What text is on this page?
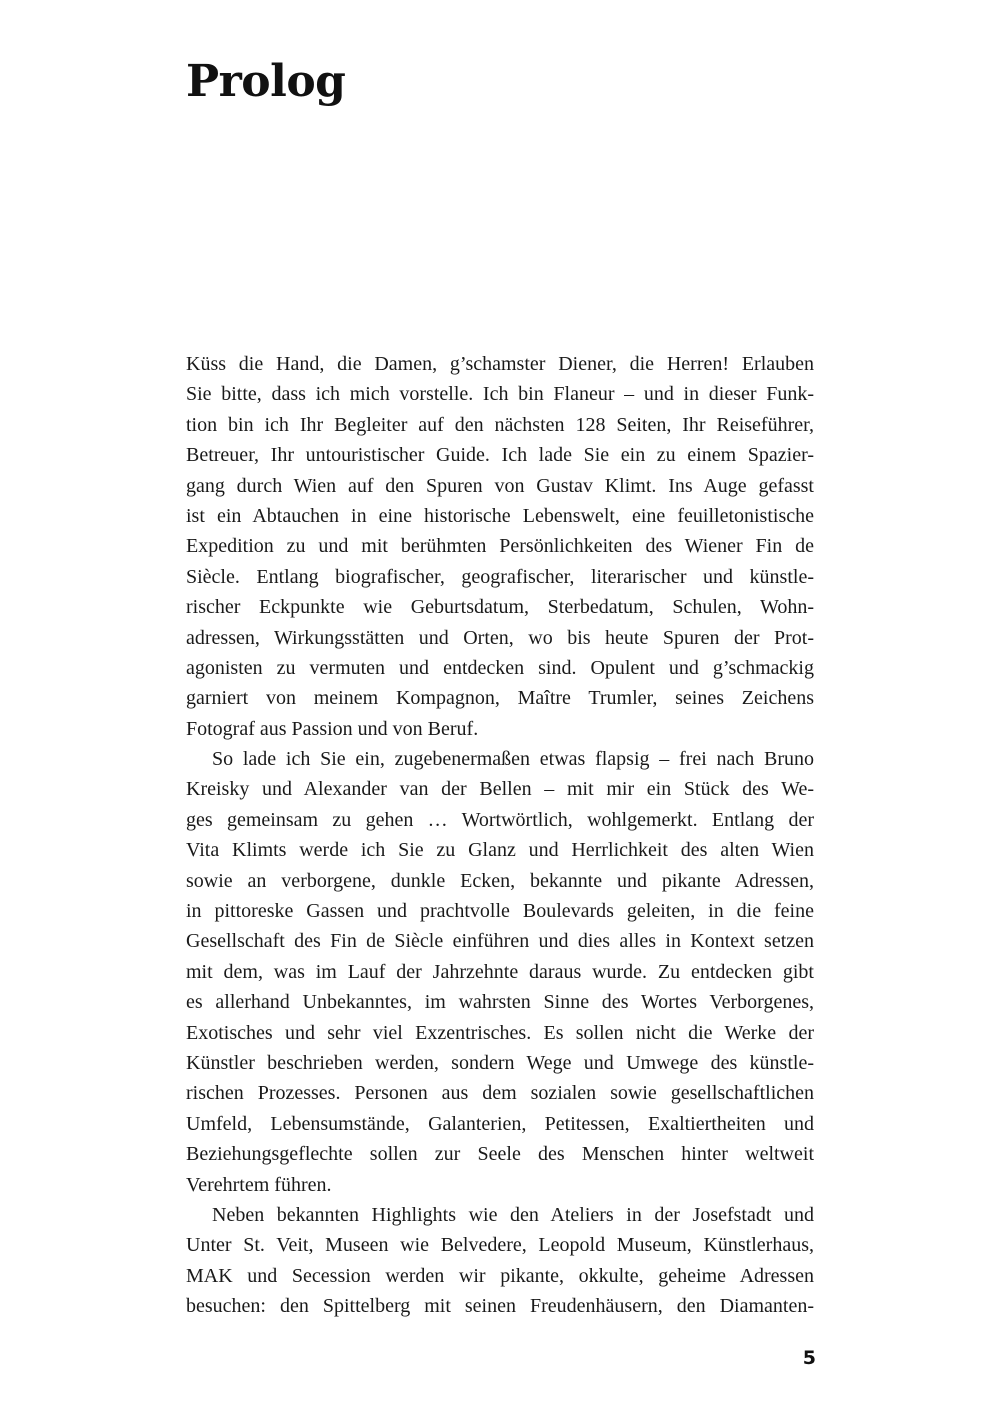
Prolog
Küss die Hand, die Damen, g’schamster Diener, die Herren! Erlauben
Sie bitte, dass ich mich vorstelle. Ich bin Flaneur – und in dieser Funk-
tion bin ich Ihr Begleiter auf den nächsten 128 Seiten, Ihr Reiseführer,
Betreuer, Ihr untouristischer Guide. Ich lade Sie ein zu einem Spazier-
gang durch Wien auf den Spuren von Gustav Klimt. Ins Auge gefasst
ist ein Abtauchen in eine historische Lebenswelt, eine feuilletonistische
Expedition zu und mit berühmten Persönlichkeiten des Wiener Fin de
Siècle. Entlang biografischer, geografischer, literarischer und künstle-
rischer Eckpunkte wie Geburtsdatum, Sterbedatum, Schulen, Wohn-
adressen, Wirkungsstätten und Orten, wo bis heute Spuren der Prot-
agonisten zu vermuten und entdecken sind. Opulent und g’schmackig
garniert von meinem Kompagnon, Maître Trumler, seines Zeichens
Fotograf aus Passion und von Beruf.
So lade ich Sie ein, zugebenermaßen etwas flapsig – frei nach Bruno
Kreisky und Alexander van der Bellen – mit mir ein Stück des We-
ges gemeinsam zu gehen … Wortwörtlich, wohlgemerkt. Entlang der
Vita Klimts werde ich Sie zu Glanz und Herrlichkeit des alten Wien
sowie an verborgene, dunkle Ecken, bekannte und pikante Adressen,
in pittoreske Gassen und prachtvolle Boulevards geleiten, in die feine
Gesellschaft des Fin de Siècle einführen und dies alles in Kontext setzen
mit dem, was im Lauf der Jahrzehnte daraus wurde. Zu entdecken gibt
es allerhand Unbekanntes, im wahrsten Sinne des Wortes Verborgenes,
Exotisches und sehr viel Exzentrisches. Es sollen nicht die Werke der
Künstler beschrieben werden, sondern Wege und Umwege des künstle-
rischen Prozesses. Personen aus dem sozialen sowie gesellschaftlichen
Umfeld, Lebensumstände, Galanterien, Petitessen, Exaltiertheiten und
Beziehungsgeflechte sollen zur Seele des Menschen hinter weltweit
Verehrtem führen.
Neben bekannten Highlights wie den Ateliers in der Josefstadt und
Unter St. Veit, Museen wie Belvedere, Leopold Museum, Künstlerhaus,
MAK und Secession werden wir pikante, okkulte, geheime Adressen
besuchen: den Spittelberg mit seinen Freudenhäusern, den Diamanten-
5
